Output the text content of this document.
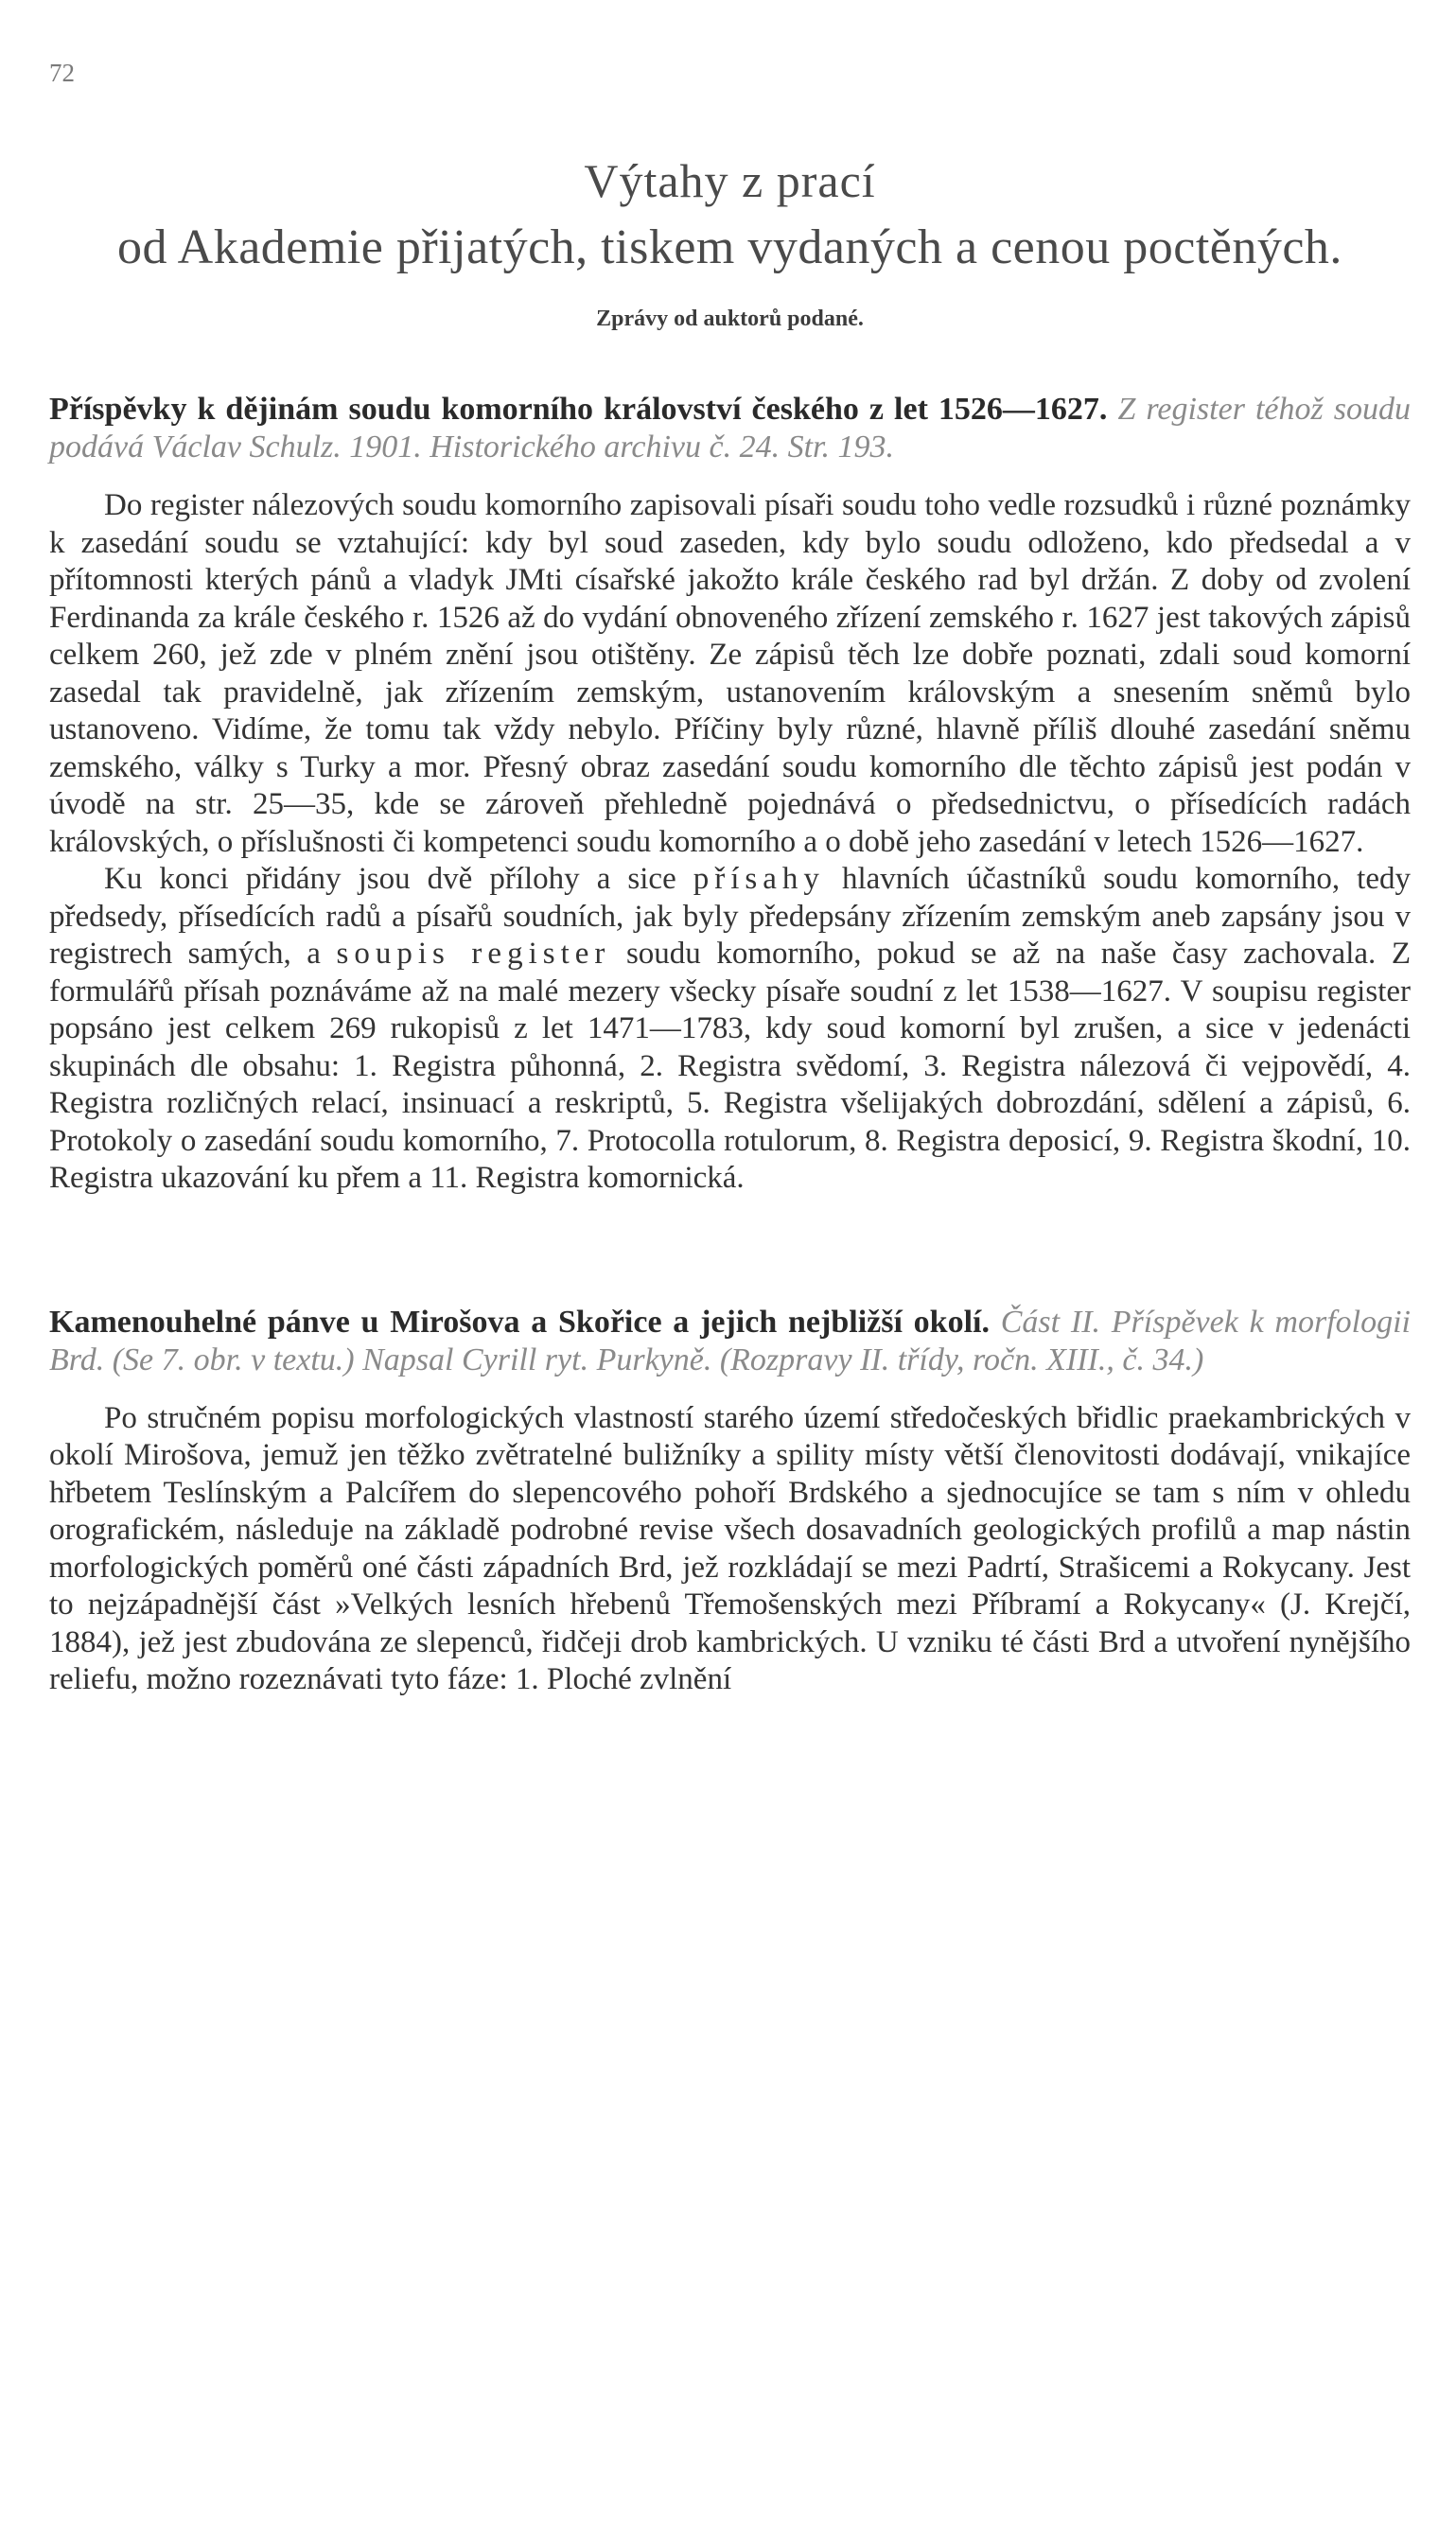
72
Výtahy z prací
od Akademie přijatých, tiskem vydaných a cenou poctěných.
Zprávy od auktorů podané.
Příspěvky k dějinám soudu komorního království českého z let 1526—1627. Z register téhož soudu podává Václav Schulz. 1901. Historického archivu č. 24. Str. 193.

Do register nálezových soudu komorního zapisovali písaři soudu toho vedle rozsudků i různé poznámky k zasedání soudu se vztahující: kdy byl soud zaseden, kdy bylo soudu odloženo, kdo předsedal a v přítomnosti kterých pánů a vladyk JMti císařské jakožto krále českého rad byl držán. Z doby od zvolení Ferdinanda za krále českého r. 1526 až do vydání obnoveného zřízení zemského r. 1627 jest takových zápisů celkem 260, jež zde v plném znění jsou otištěny. Ze zápisů těch lze dobře poznati, zdali soud komorní zasedal tak pravidelně, jak zřízením zemským, ustanovením královským a snesením sněmů bylo ustanoveno. Vidíme, že tomu tak vždy nebylo. Příčiny byly různé, hlavně příliš dlouhé zasedání sněmu zemského, války s Turky a mor. Přesný obraz zasedání soudu komorního dle těchto zápisů jest podán v úvodě na str. 25—35, kde se zároveň přehledně pojednává o předsednictvu, o přísedících radách královských, o příslušnosti či kompetenci soudu komorního a o době jeho zasedání v letech 1526—1627.

Ku konci přidány jsou dvě přílohy a sice přísahy hlavních účastníků soudu komorního, tedy předsedy, přísedících radů a písařů soudních, jak byly předepsány zřízením zemským aneb zapsány jsou v registrech samých, a soupis register soudu komorního, pokud se až na naše časy zachovala. Z formulářů přísah poznáváme až na malé mezery všecky písaře soudní z let 1538—1627. V soupisu register popsáno jest celkem 269 rukopisů z let 1471—1783, kdy soud komorní byl zrušen, a sice v jedenácti skupinách dle obsahu: 1. Registra půhonná, 2. Registra svědomí, 3. Registra nálezová či vejpovědí, 4. Registra rozličných relací, insinuací a reskriptů, 5. Registra všelijakých dobrozdání, sdělení a zápisů, 6. Protokoly o zasedání soudu komorního, 7. Protocolla rotulorum, 8. Registra deposicí, 9. Registra škodní, 10. Registra ukazování ku přem a 11. Registra komornická.

Kamenouhelné pánve u Mirošova a Skořice a jejich nejbližší okolí. Část II. Příspěvek k morfologii Brd. (Se 7. obr. v textu.) Napsal Cyrill ryt. Purkyně. (Rozpravy II. třídy, ročn. XIII., č. 34.)

Po stručném popisu morfologických vlastností starého území středočeských břidlic praekambrických v okolí Mirošova, jemuž jen těžko zvětratelné buližníky a spility místy větší členovitosti dodávají, vnikajíce hřbetem Teslínským a Palcířem do slepencového pohoří Brdského a sjednocujíce se tam s ním v ohledu orografickém, následuje na základě podrobné revise všech dosavadních geologických profilů a map nástin morfologických poměrů oné části západních Brd, jež rozkládají se mezi Padrtí, Strašicemi a Rokycany. Jest to nejzápadnější část »Velkých lesních hřebenů Třemošenských mezi Příbramí a Rokycany« (J. Krejčí, 1884), jež jest zbudována ze slepenců, řidčeji drob kambrických. U vzniku té části Brd a utvoření nynějšího reliefu, možno rozeznávati tyto fáze: 1. Ploché zvlnění
